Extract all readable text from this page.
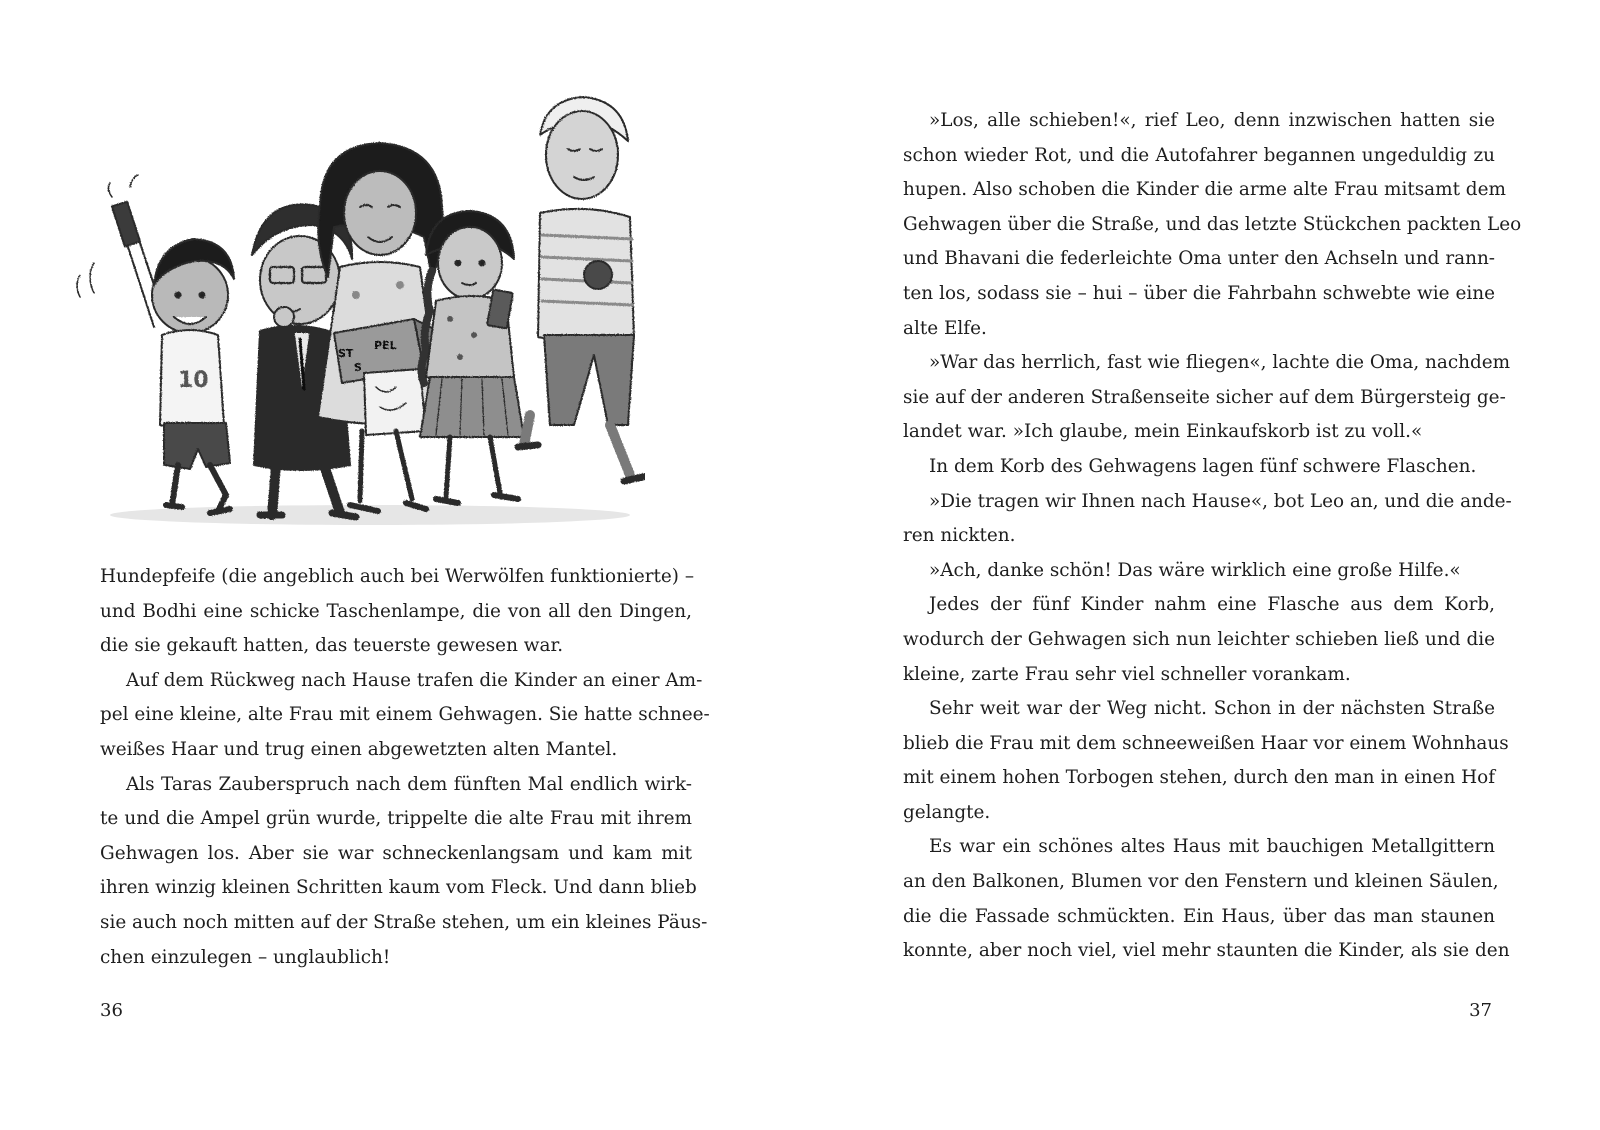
10
ST
PEL
S

Hundepfeife (die angeblich auch bei Werwölfen funktionierte) –
und Bodhi eine schicke Taschenlampe, die von all den Dingen,
die sie gekauft hatten, das teuerste gewesen war.

Auf dem Rückweg nach Hause trafen die Kinder an einer Am-
pel eine kleine, alte Frau mit einem Gehwagen. Sie hatte schnee-
weißes Haar und trug einen abgewetzten alten Mantel.

Als Taras Zauberspruch nach dem fünften Mal endlich wirk-
te und die Ampel grün wurde, trippelte die alte Frau mit ihrem
Gehwagen los. Aber sie war schneckenlangsam und kam mit
ihren winzig kleinen Schritten kaum vom Fleck. Und dann blieb
sie auch noch mitten auf der Straße stehen, um ein kleines Päus-
chen einzulegen – unglaublich!

36

»Los, alle schieben!«, rief Leo, denn inzwischen hatten sie
schon wieder Rot, und die Autofahrer begannen ungeduldig zu
hupen. Also schoben die Kinder die arme alte Frau mitsamt dem
Gehwagen über die Straße, und das letzte Stückchen packten Leo
und Bhavani die federleichte Oma unter den Achseln und rann-
ten los, sodass sie – hui – über die Fahrbahn schwebte wie eine
alte Elfe.

»War das herrlich, fast wie fliegen«, lachte die Oma, nachdem
sie auf der anderen Straßenseite sicher auf dem Bürgersteig ge-
landet war. »Ich glaube, mein Einkaufskorb ist zu voll.«

In dem Korb des Gehwagens lagen fünf schwere Flaschen.

»Die tragen wir Ihnen nach Hause«, bot Leo an, und die ande-
ren nickten.

»Ach, danke schön! Das wäre wirklich eine große Hilfe.«

Jedes der fünf Kinder nahm eine Flasche aus dem Korb,
wodurch der Gehwagen sich nun leichter schieben ließ und die
kleine, zarte Frau sehr viel schneller vorankam.

Sehr weit war der Weg nicht. Schon in der nächsten Straße
blieb die Frau mit dem schneeweißen Haar vor einem Wohnhaus
mit einem hohen Torbogen stehen, durch den man in einen Hof
gelangte.

Es war ein schönes altes Haus mit bauchigen Metallgittern
an den Balkonen, Blumen vor den Fenstern und kleinen Säulen,
die die Fassade schmückten. Ein Haus, über das man staunen
konnte, aber noch viel, viel mehr staunten die Kinder, als sie den

37
